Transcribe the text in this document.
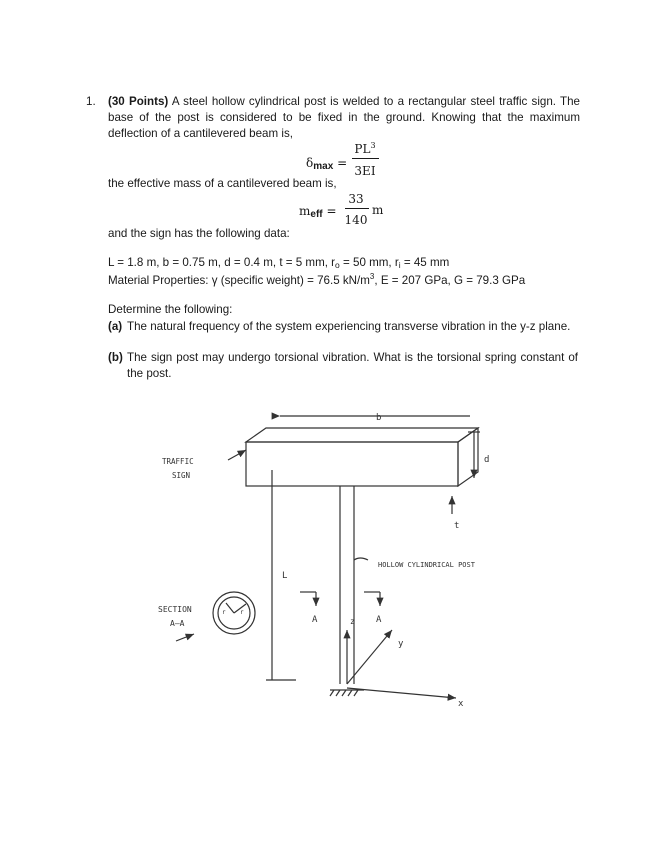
1. (30 Points) A steel hollow cylindrical post is welded to a rectangular steel traffic sign. The base of the post is considered to be fixed in the ground. Knowing that the maximum deflection of a cantilevered beam is,

$\delta_{max}$ =
$PL^3$
3EI
the effective mass of a cantilevered beam is,
$m_{eff}$ =
33
140
m
and the sign has the following data:
L = 1.8 m, b = 0.75 m, d = 0.4 m, t = 5 mm, $r_o = 50$ mm, $r_i = 45$ mm
Material Properties: γ (specific weight) = 76.5 $kN/m^3$, E = 207 GPa, G = 79.3 GPa
Determine the following:
(a) The natural frequency of the system experiencing transverse vibration in the y-z plane.
(b) The sign post may undergo torsional vibration. What is the torsional spring constant of the post.
b
d
t
L
z
y
x
A	A
TRAFFIC
SIGN
HOLLOW CYLINDRICAL POST
SECTION
A–A
r r
